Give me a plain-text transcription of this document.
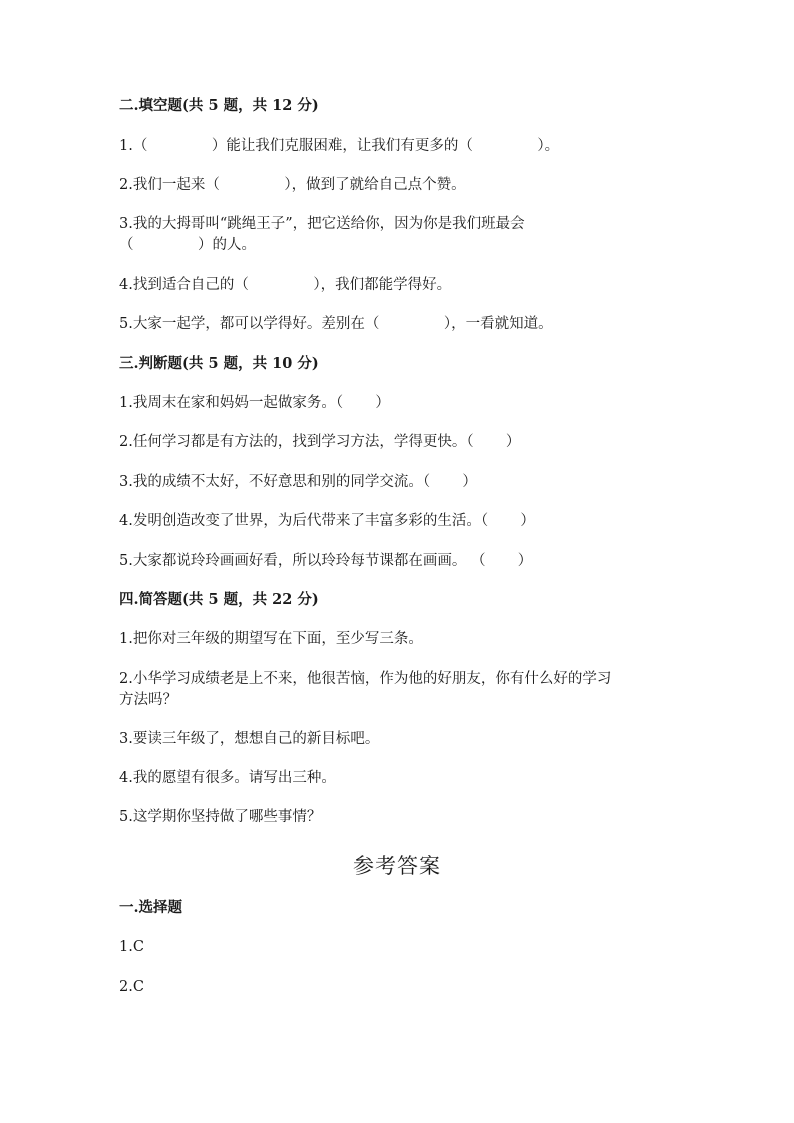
二.填空题(共 5 题，共 12 分)
1.（              ）能让我们克服困难，让我们有更多的（              ）。
2.我们一起来（              ），做到了就给自己点个赞。
3.我的大拇哥叫“跳绳王子”，把它送给你，因为你是我们班最会
（              ）的人。
4.找到适合自己的（              ），我们都能学得好。
5.大家一起学，都可以学得好。差别在（              ），一看就知道。
三.判断题(共 5 题，共 10 分)
1.我周末在家和妈妈一起做家务。（       ）
2.任何学习都是有方法的，找到学习方法，学得更快。（       ）
3.我的成绩不太好，不好意思和别的同学交流。（       ）
4.发明创造改变了世界，为后代带来了丰富多彩的生活。（       ）
5.大家都说玲玲画画好看，所以玲玲每节课都在画画。 （       ）
四.简答题(共 5 题，共 22 分)
1.把你对三年级的期望写在下面，至少写三条。
2.小华学习成绩老是上不来，他很苦恼，作为他的好朋友，你有什么好的学习
方法吗？
3.要读三年级了，想想自己的新目标吧。
4.我的愿望有很多。请写出三种。
5.这学期你坚持做了哪些事情？
参考答案
一.选择题
1.C
2.C
